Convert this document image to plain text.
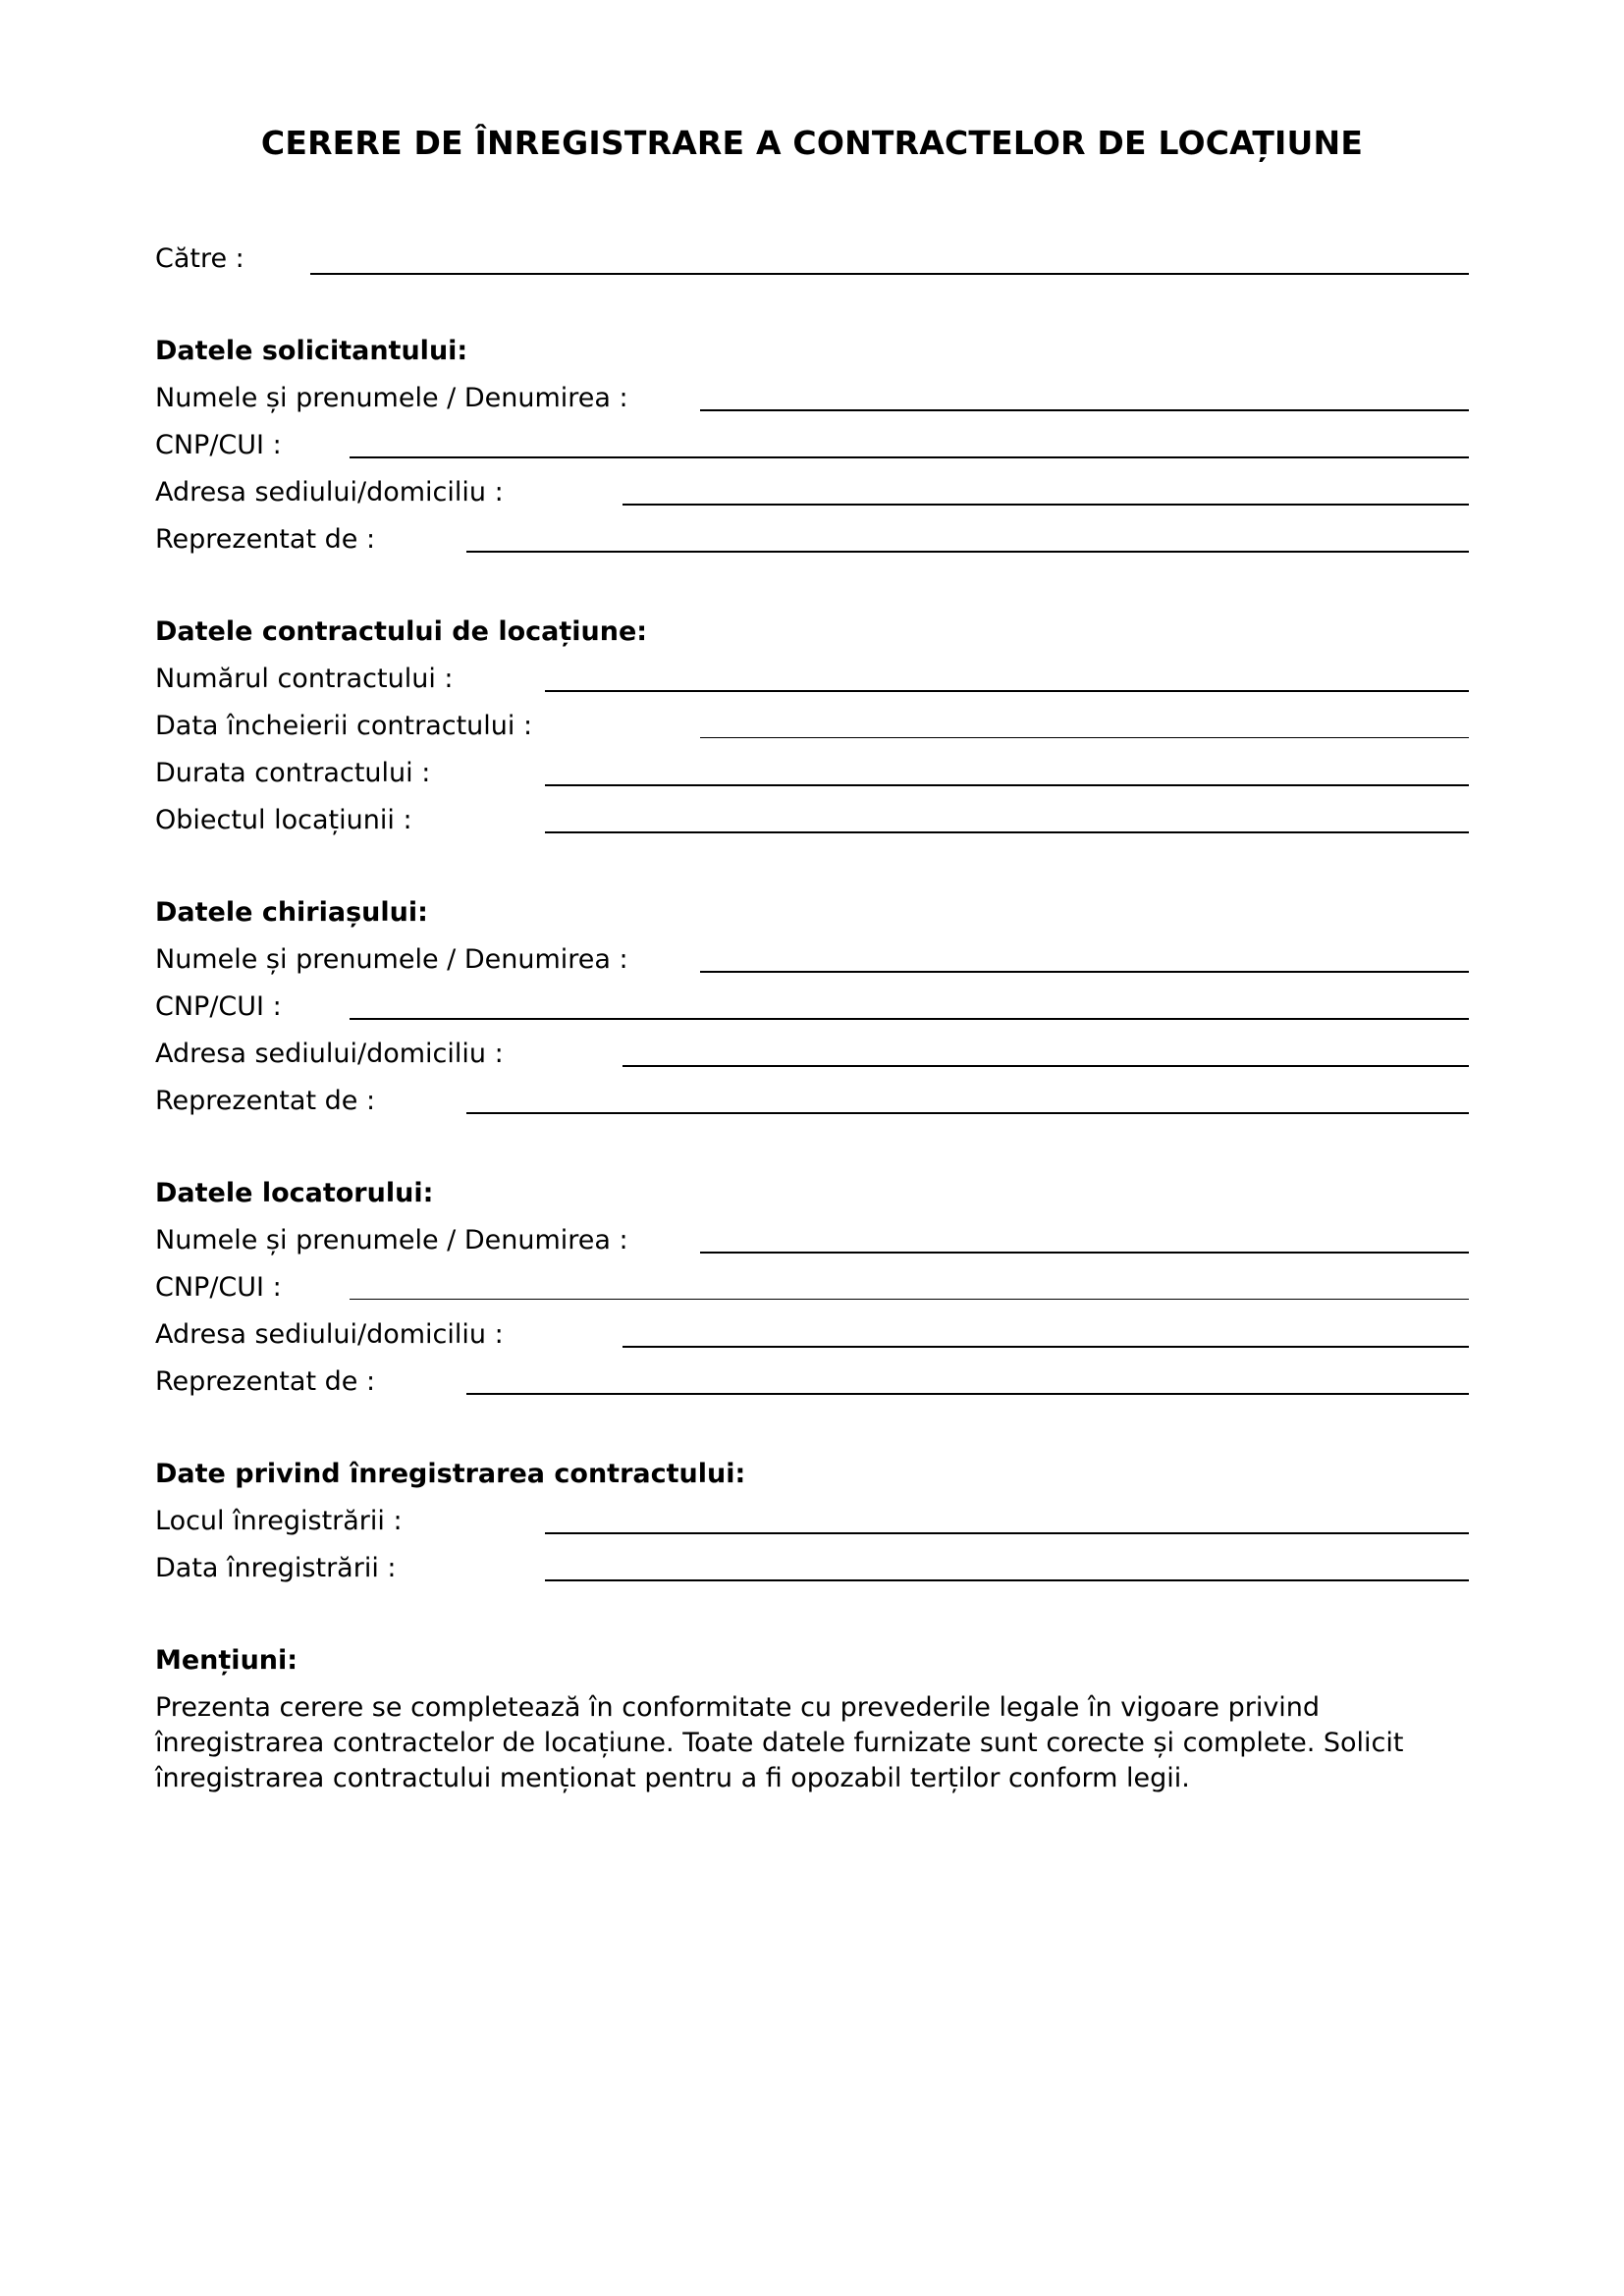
CERERE DE ÎNREGISTRARE A CONTRACTELOR DE LOCAȚIUNE
Către :
Datele solicitantului:
Numele și prenumele / Denumirea :
CNP/CUI :
Adresa sediului/domiciliu :
Reprezentat de :
Datele contractului de locațiune:
Numărul contractului :
Data încheierii contractului :
Durata contractului :
Obiectul locațiunii :
Datele chiriașului:
Numele și prenumele / Denumirea :
CNP/CUI :
Adresa sediului/domiciliu :
Reprezentat de :
Datele locatorului:
Numele și prenumele / Denumirea :
CNP/CUI :
Adresa sediului/domiciliu :
Reprezentat de :
Date privind înregistrarea contractului:
Locul înregistrării :
Data înregistrării :
Mențiuni:
Prezenta cerere se completează în conformitate cu prevederile legale în vigoare privind
înregistrarea contractelor de locațiune. Toate datele furnizate sunt corecte și complete. Solicit
înregistrarea contractului menționat pentru a fi opozabil terților conform legii.
